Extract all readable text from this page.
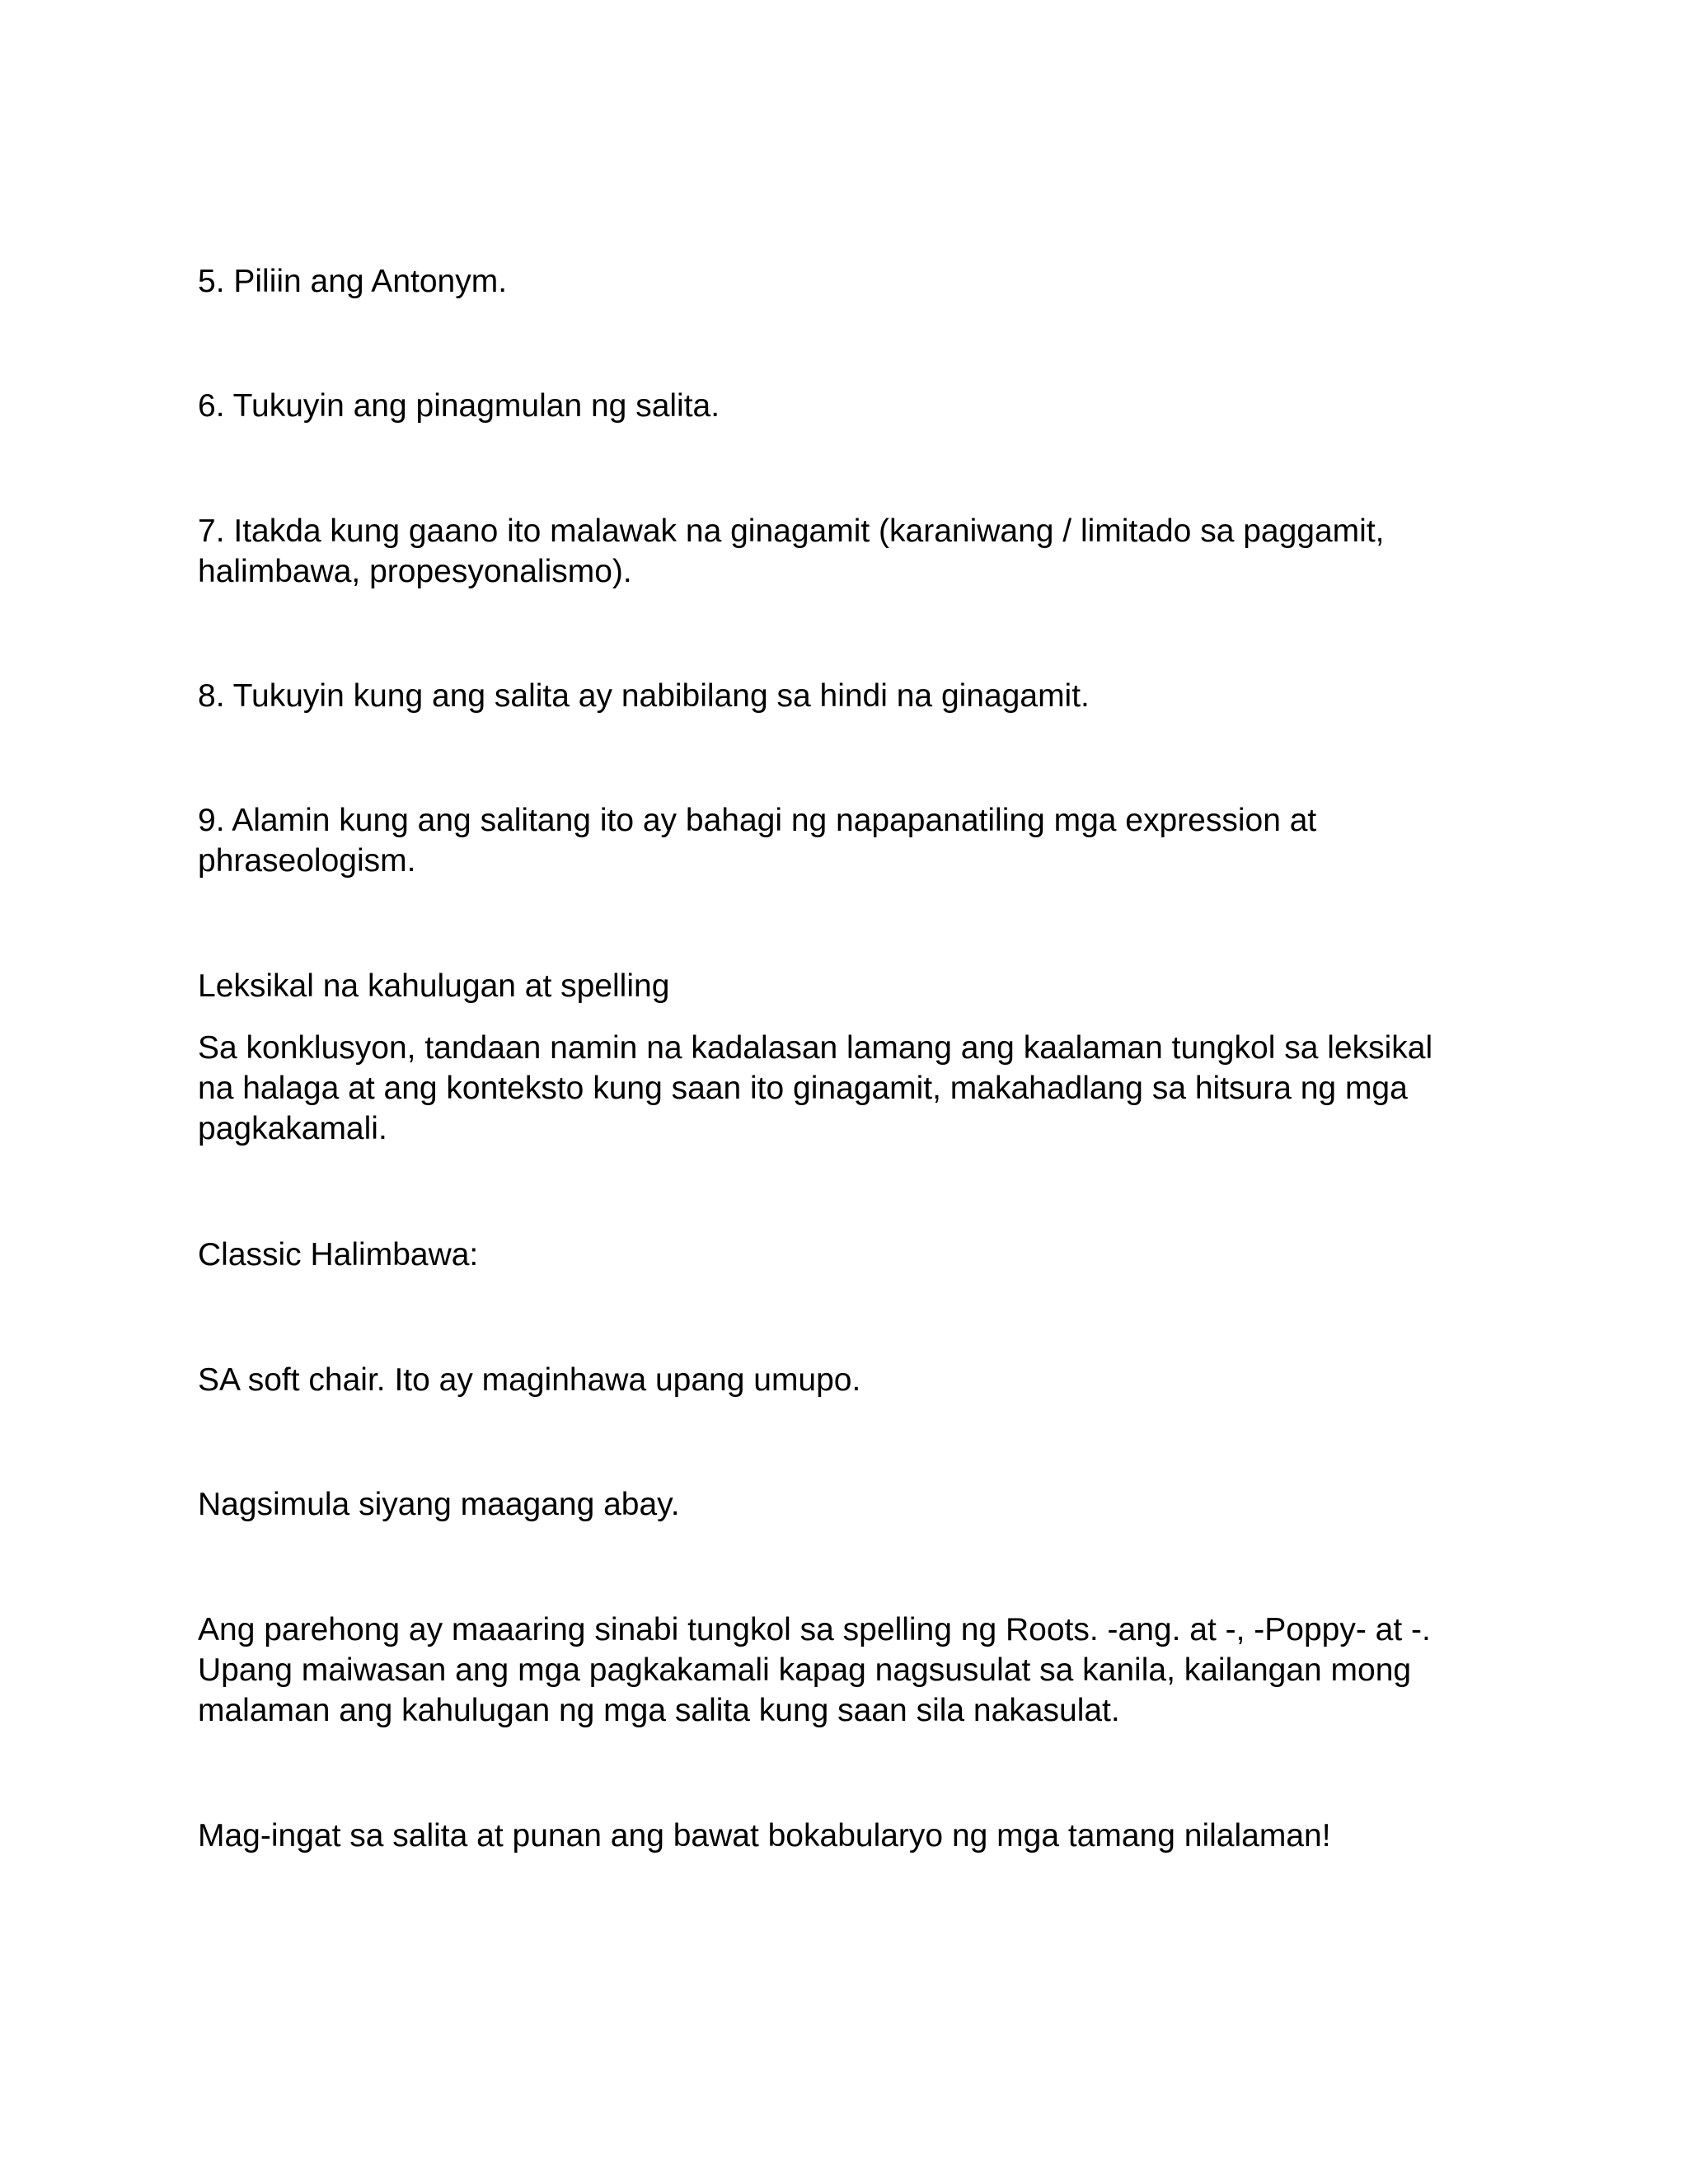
5. Piliin ang Antonym.

6. Tukuyin ang pinagmulan ng salita.

7. Itakda kung gaano ito malawak na ginagamit (karaniwang / limitado sa paggamit,
halimbawa, propesyonalismo).

8. Tukuyin kung ang salita ay nabibilang sa hindi na ginagamit.

9. Alamin kung ang salitang ito ay bahagi ng napapanatiling mga expression at
phraseologism.

Leksikal na kahulugan at spelling

Sa konklusyon, tandaan namin na kadalasan lamang ang kaalaman tungkol sa leksikal
na halaga at ang konteksto kung saan ito ginagamit, makahadlang sa hitsura ng mga
pagkakamali.

Classic Halimbawa:

SA soft chair. Ito ay maginhawa upang umupo.

Nagsimula siyang maagang abay.

Ang parehong ay maaaring sinabi tungkol sa spelling ng Roots. -ang. at -, -Poppy- at -.
Upang maiwasan ang mga pagkakamali kapag nagsusulat sa kanila, kailangan mong
malaman ang kahulugan ng mga salita kung saan sila nakasulat.

Mag-ingat sa salita at punan ang bawat bokabularyo ng mga tamang nilalaman!
